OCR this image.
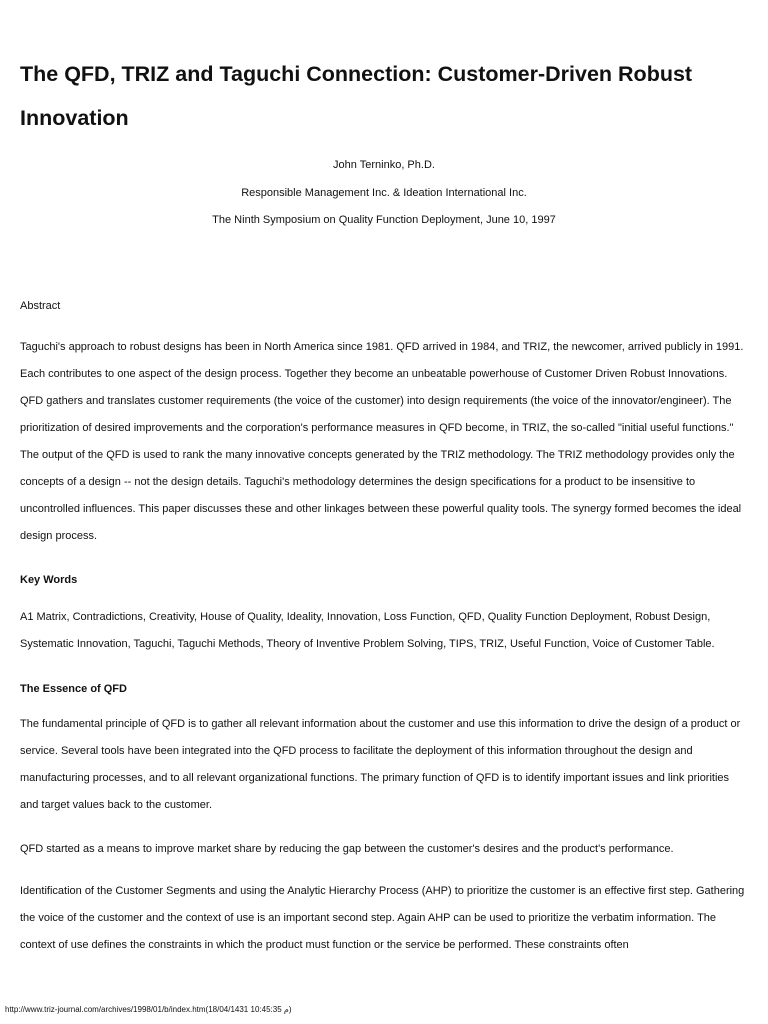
The QFD, TRIZ and Taguchi Connection: Customer-Driven Robust Innovation
John Terninko, Ph.D.
Responsible Management Inc. & Ideation International Inc.
The Ninth Symposium on Quality Function Deployment, June 10, 1997
Abstract

Taguchi's approach to robust designs has been in North America since 1981. QFD arrived in 1984, and TRIZ, the newcomer, arrived publicly in 1991. Each contributes to one aspect of the design process. Together they become an unbeatable powerhouse of Customer Driven Robust Innovations. QFD gathers and translates customer requirements (the voice of the customer) into design requirements (the voice of the innovator/engineer). The prioritization of desired improvements and the corporation's performance measures in QFD become, in TRIZ, the so-called "initial useful functions." The output of the QFD is used to rank the many innovative concepts generated by the TRIZ methodology. The TRIZ methodology provides only the concepts of a design -- not the design details. Taguchi's methodology determines the design specifications for a product to be insensitive to uncontrolled influences. This paper discusses these and other linkages between these powerful quality tools. The synergy formed becomes the ideal design process.

Key Words

A1 Matrix, Contradictions, Creativity, House of Quality, Ideality, Innovation, Loss Function, QFD, Quality Function Deployment, Robust Design, Systematic Innovation, Taguchi, Taguchi Methods, Theory of Inventive Problem Solving, TIPS, TRIZ, Useful Function, Voice of Customer Table.

The Essence of QFD

The fundamental principle of QFD is to gather all relevant information about the customer and use this information to drive the design of a product or service. Several tools have been integrated into the QFD process to facilitate the deployment of this information throughout the design and manufacturing processes, and to all relevant organizational functions. The primary function of QFD is to identify important issues and link priorities and target values back to the customer.

QFD started as a means to improve market share by reducing the gap between the customer's desires and the product's performance.

Identification of the Customer Segments and using the Analytic Hierarchy Process (AHP) to prioritize the customer is an effective first step. Gathering the voice of the customer and the context of use is an important second step. Again AHP can be used to prioritize the verbatim information. The context of use defines the constraints in which the product must function or the service be performed. These constraints often

http://www.triz-journal.com/archives/1998/01/b/index.htm(م 10:45:35 18/04/1431)
